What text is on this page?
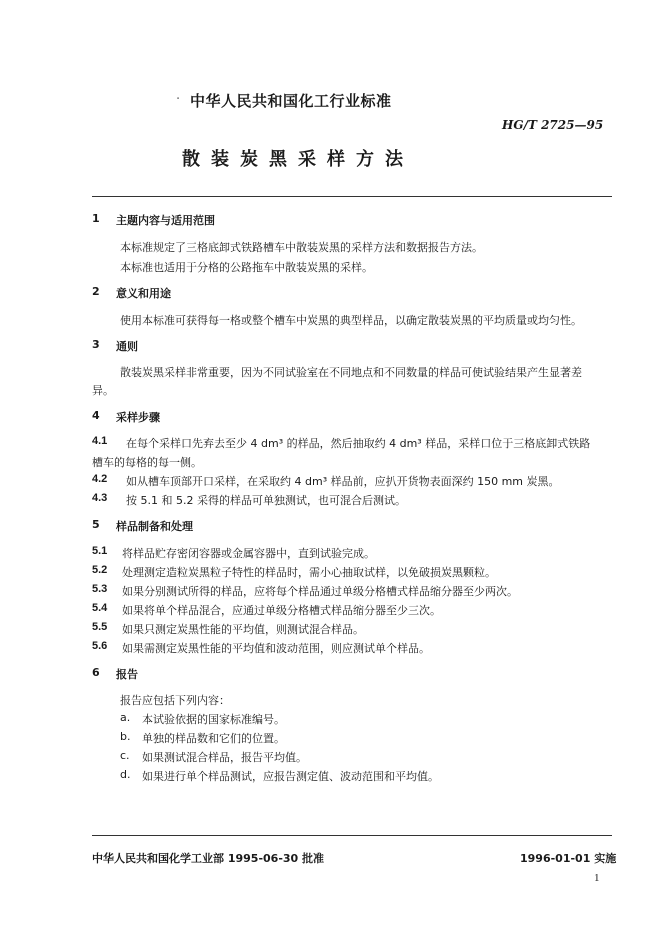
· 中华人民共和国化工行业标准
HG/T 2725—95
散装炭黑采样方法
1 主题内容与适用范围
本标准规定了三格底卸式铁路槽车中散装炭黑的采样方法和数据报告方法。
本标准也适用于分格的公路拖车中散装炭黑的采样。
2 意义和用途
使用本标准可获得每一格或整个槽车中炭黑的典型样品，以确定散装炭黑的平均质量或均匀性。
3 通则
散装炭黑采样非常重要，因为不同试验室在不同地点和不同数量的样品可使试验结果产生显著差
异。
4 采样步骤
4.1 在每个采样口先弃去至少 4 dm³ 的样品，然后抽取约 4 dm³ 样品，采样口位于三格底卸式铁路
槽车的每格的每一侧。
4.2 如从槽车顶部开口采样，在采取约 4 dm³ 样品前，应扒开货物表面深约 150 mm 炭黑。
4.3 按 5.1 和 5.2 采得的样品可单独测试，也可混合后测试。
5 样品制备和处理
5.1 将样品贮存密闭容器或金属容器中，直到试验完成。
5.2 处理测定造粒炭黑粒子特性的样品时，需小心抽取试样，以免破损炭黑颗粒。
5.3 如果分别测试所得的样品，应将每个样品通过单级分格槽式样品缩分器至少两次。
5.4 如果将单个样品混合，应通过单级分格槽式样品缩分器至少三次。
5.5 如果只测定炭黑性能的平均值，则测试混合样品。
5.6 如果需测定炭黑性能的平均值和波动范围，则应测试单个样品。
6 报告
报告应包括下列内容：
a. 本试验依据的国家标准编号。
b. 单独的样品数和它们的位置。
c. 如果测试混合样品，报告平均值。
d. 如果进行单个样品测试，应报告测定值、波动范围和平均值。
中华人民共和国化学工业部 1995-06-30 批准	1996-01-01 实施
1
